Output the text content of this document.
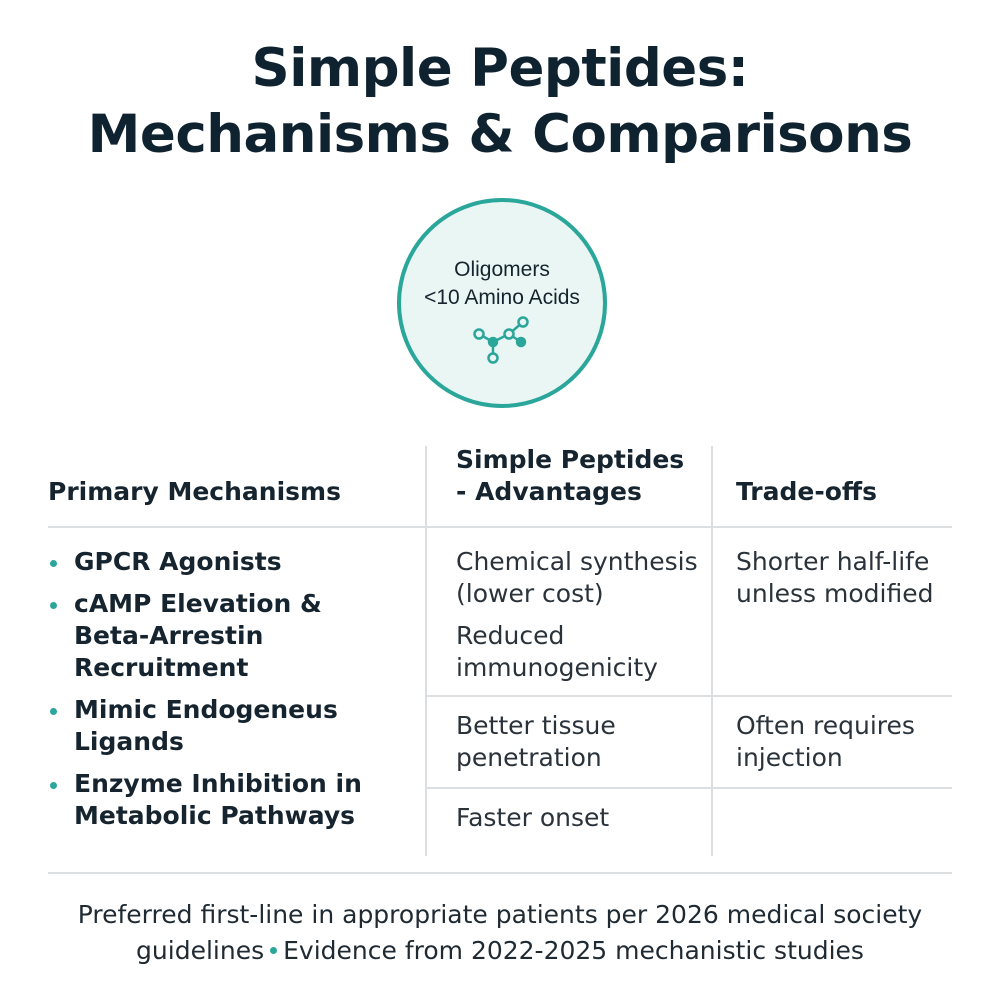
Simple Peptides:
Mechanisms & Comparisons
Oligomers
<10 Amino Acids
Primary Mechanisms
Simple Peptides
- Advantages	Trade-offs
GPCR Agonists
cAMP Elevation & Beta-Arrestin Recruitment
Mimic Endogeneus Ligands
Enzyme Inhibition in Metabolic Pathways
Chemical synthesis (lower cost)
Reduced immunogenicity
Better tissue penetration
Faster onset
Shorter half-life unless modified
Often requires injection
Preferred first-line in appropriate patients per 2026 medical society
guidelines Evidence from 2022-2025 mechanistic studies
